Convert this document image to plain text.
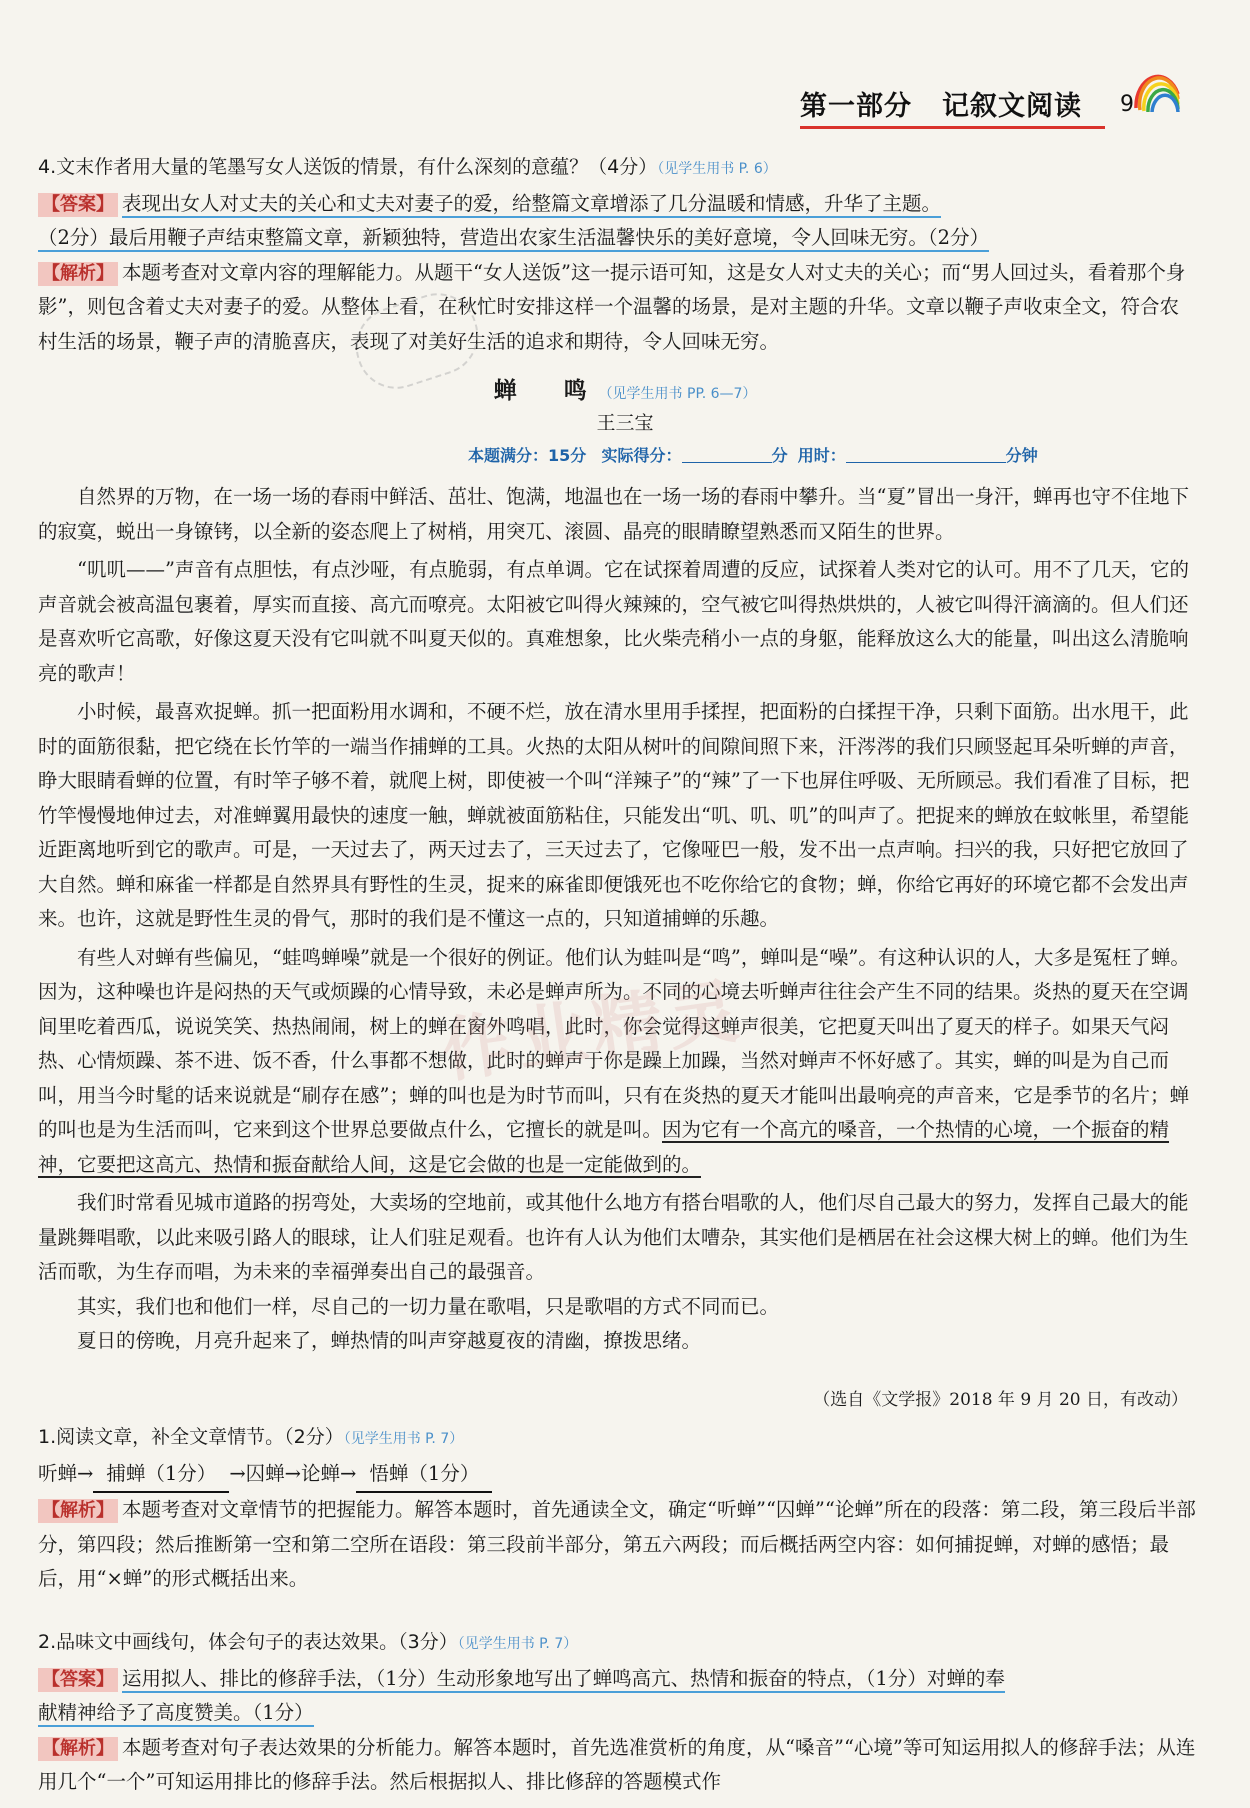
第一部分 记叙文阅读 9
4.文末作者用大量的笔墨写女人送饭的情景，有什么深刻的意蕴？（4分）（见学生用书 P. 6）
【答案】 表现出女人对丈夫的关心和丈夫对妻子的爱，给整篇文章增添了几分温暖和情感，升华了主题。
（2分）最后用鞭子声结束整篇文章，新颖独特，营造出农家生活温馨快乐的美好意境，令人回味无穷。（2分）
【解析】 本题考查对文章内容的理解能力。从题干“女人送饭”这一提示语可知，这是女人对丈夫的关心；而“男人回过头，看着那个身影”，则包含着丈夫对妻子的爱。从整体上看，在秋忙时安排这样一个温馨的场景，是对主题的升华。文章以鞭子声收束全文，符合农村生活的场景，鞭子声的清脆喜庆，表现了对美好生活的追求和期待，令人回味无穷。
蝉　鸣（见学生用书 PP. 6—7）
王三宝
本题满分：15分 实际得分：	分 用时：	分钟

自然界的万物，在一场一场的春雨中鲜活、茁壮、饱满，地温也在一场一场的春雨中攀升。当“夏”冒出一身汗，蝉再也守不住地下的寂寞，蜕出一身镣铐，以全新的姿态爬上了树梢，用突兀、滚圆、晶亮的眼睛瞭望熟悉而又陌生的世界。

“叽叽——”声音有点胆怯，有点沙哑，有点脆弱，有点单调。它在试探着周遭的反应，试探着人类对它的认可。用不了几天，它的声音就会被高温包裹着，厚实而直接、高亢而嘹亮。太阳被它叫得火辣辣的，空气被它叫得热烘烘的，人被它叫得汗滴滴的。但人们还是喜欢听它高歌，好像这夏天没有它叫就不叫夏天似的。真难想象，比火柴壳稍小一点的身躯，能释放这么大的能量，叫出这么清脆响亮的歌声！

小时候，最喜欢捉蝉。抓一把面粉用水调和，不硬不烂，放在清水里用手揉捏，把面粉的白揉捏干净，只剩下面筋。出水甩干，此时的面筋很黏，把它绕在长竹竿的一端当作捕蝉的工具。火热的太阳从树叶的间隙间照下来，汗涔涔的我们只顾竖起耳朵听蝉的声音，睁大眼睛看蝉的位置，有时竿子够不着，就爬上树，即使被一个叫“洋辣子”的“辣”了一下也屏住呼吸、无所顾忌。我们看准了目标，把竹竿慢慢地伸过去，对准蝉翼用最快的速度一触，蝉就被面筋粘住，只能发出“叽、叽、叽”的叫声了。把捉来的蝉放在蚊帐里，希望能近距离地听到它的歌声。可是，一天过去了，两天过去了，三天过去了，它像哑巴一般，发不出一点声响。扫兴的我，只好把它放回了大自然。蝉和麻雀一样都是自然界具有野性的生灵，捉来的麻雀即便饿死也不吃你给它的食物；蝉，你给它再好的环境它都不会发出声来。也许，这就是野性生灵的骨气，那时的我们是不懂这一点的，只知道捕蝉的乐趣。

有些人对蝉有些偏见，“蛙鸣蝉噪”就是一个很好的例证。他们认为蛙叫是“鸣”，蝉叫是“噪”。有这种认识的人，大多是冤枉了蝉。因为，这种噪也许是闷热的天气或烦躁的心情导致，未必是蝉声所为。不同的心境去听蝉声往往会产生不同的结果。炎热的夏天在空调间里吃着西瓜，说说笑笑、热热闹闹，树上的蝉在窗外鸣唱，此时，你会觉得这蝉声很美，它把夏天叫出了夏天的样子。如果天气闷热、心情烦躁、茶不进、饭不香，什么事都不想做，此时的蝉声于你是躁上加躁，当然对蝉声不怀好感了。其实，蝉的叫是为自己而叫，用当今时髦的话来说就是“刷存在感”；蝉的叫也是为时节而叫，只有在炎热的夏天才能叫出最响亮的声音来，它是季节的名片；蝉的叫也是为生活而叫，它来到这个世界总要做点什么，它擅长的就是叫。因为它有一个高亢的嗓音，一个热情的心境，一个振奋的精神，它要把这高亢、热情和振奋献给人间，这是它会做的也是一定能做到的。

我们时常看见城市道路的拐弯处，大卖场的空地前，或其他什么地方有搭台唱歌的人，他们尽自己最大的努力，发挥自己最大的能量跳舞唱歌，以此来吸引路人的眼球，让人们驻足观看。也许有人认为他们太嘈杂，其实他们是栖居在社会这棵大树上的蝉。他们为生活而歌，为生存而唱，为未来的幸福弹奏出自己的最强音。

其实，我们也和他们一样，尽自己的一切力量在歌唱，只是歌唱的方式不同而已。

夏日的傍晚，月亮升起来了，蝉热情的叫声穿越夏夜的清幽，撩拨思绪。

作业精灵
（选自《文学报》2018 年 9 月 20 日，有改动）
1.阅读文章，补全文章情节。（2分）（见学生用书 P. 7）
听蝉→ 捕蝉（1分） →囚蝉→论蝉→ 悟蝉（1分）
【解析】 本题考查对文章情节的把握能力。解答本题时，首先通读全文，确定“听蝉”“囚蝉”“论蝉”所在的段落：第二段，第三段后半部分，第四段；然后推断第一空和第二空所在语段：第三段前半部分，第五六两段；而后概括两空内容：如何捕捉蝉，对蝉的感悟；最后，用“×蝉”的形式概括出来。
2.品味文中画线句，体会句子的表达效果。（3分）（见学生用书 P. 7）
【答案】 运用拟人、排比的修辞手法，（1分）生动形象地写出了蝉鸣高亢、热情和振奋的特点，（1分）对蝉的奉
献精神给予了高度赞美。（1分）
【解析】 本题考查对句子表达效果的分析能力。解答本题时，首先选准赏析的角度，从“嗓音”“心境”等可知运用拟人的修辞手法；从连用几个“一个”可知运用排比的修辞手法。然后根据拟人、排比修辞的答题模式作
